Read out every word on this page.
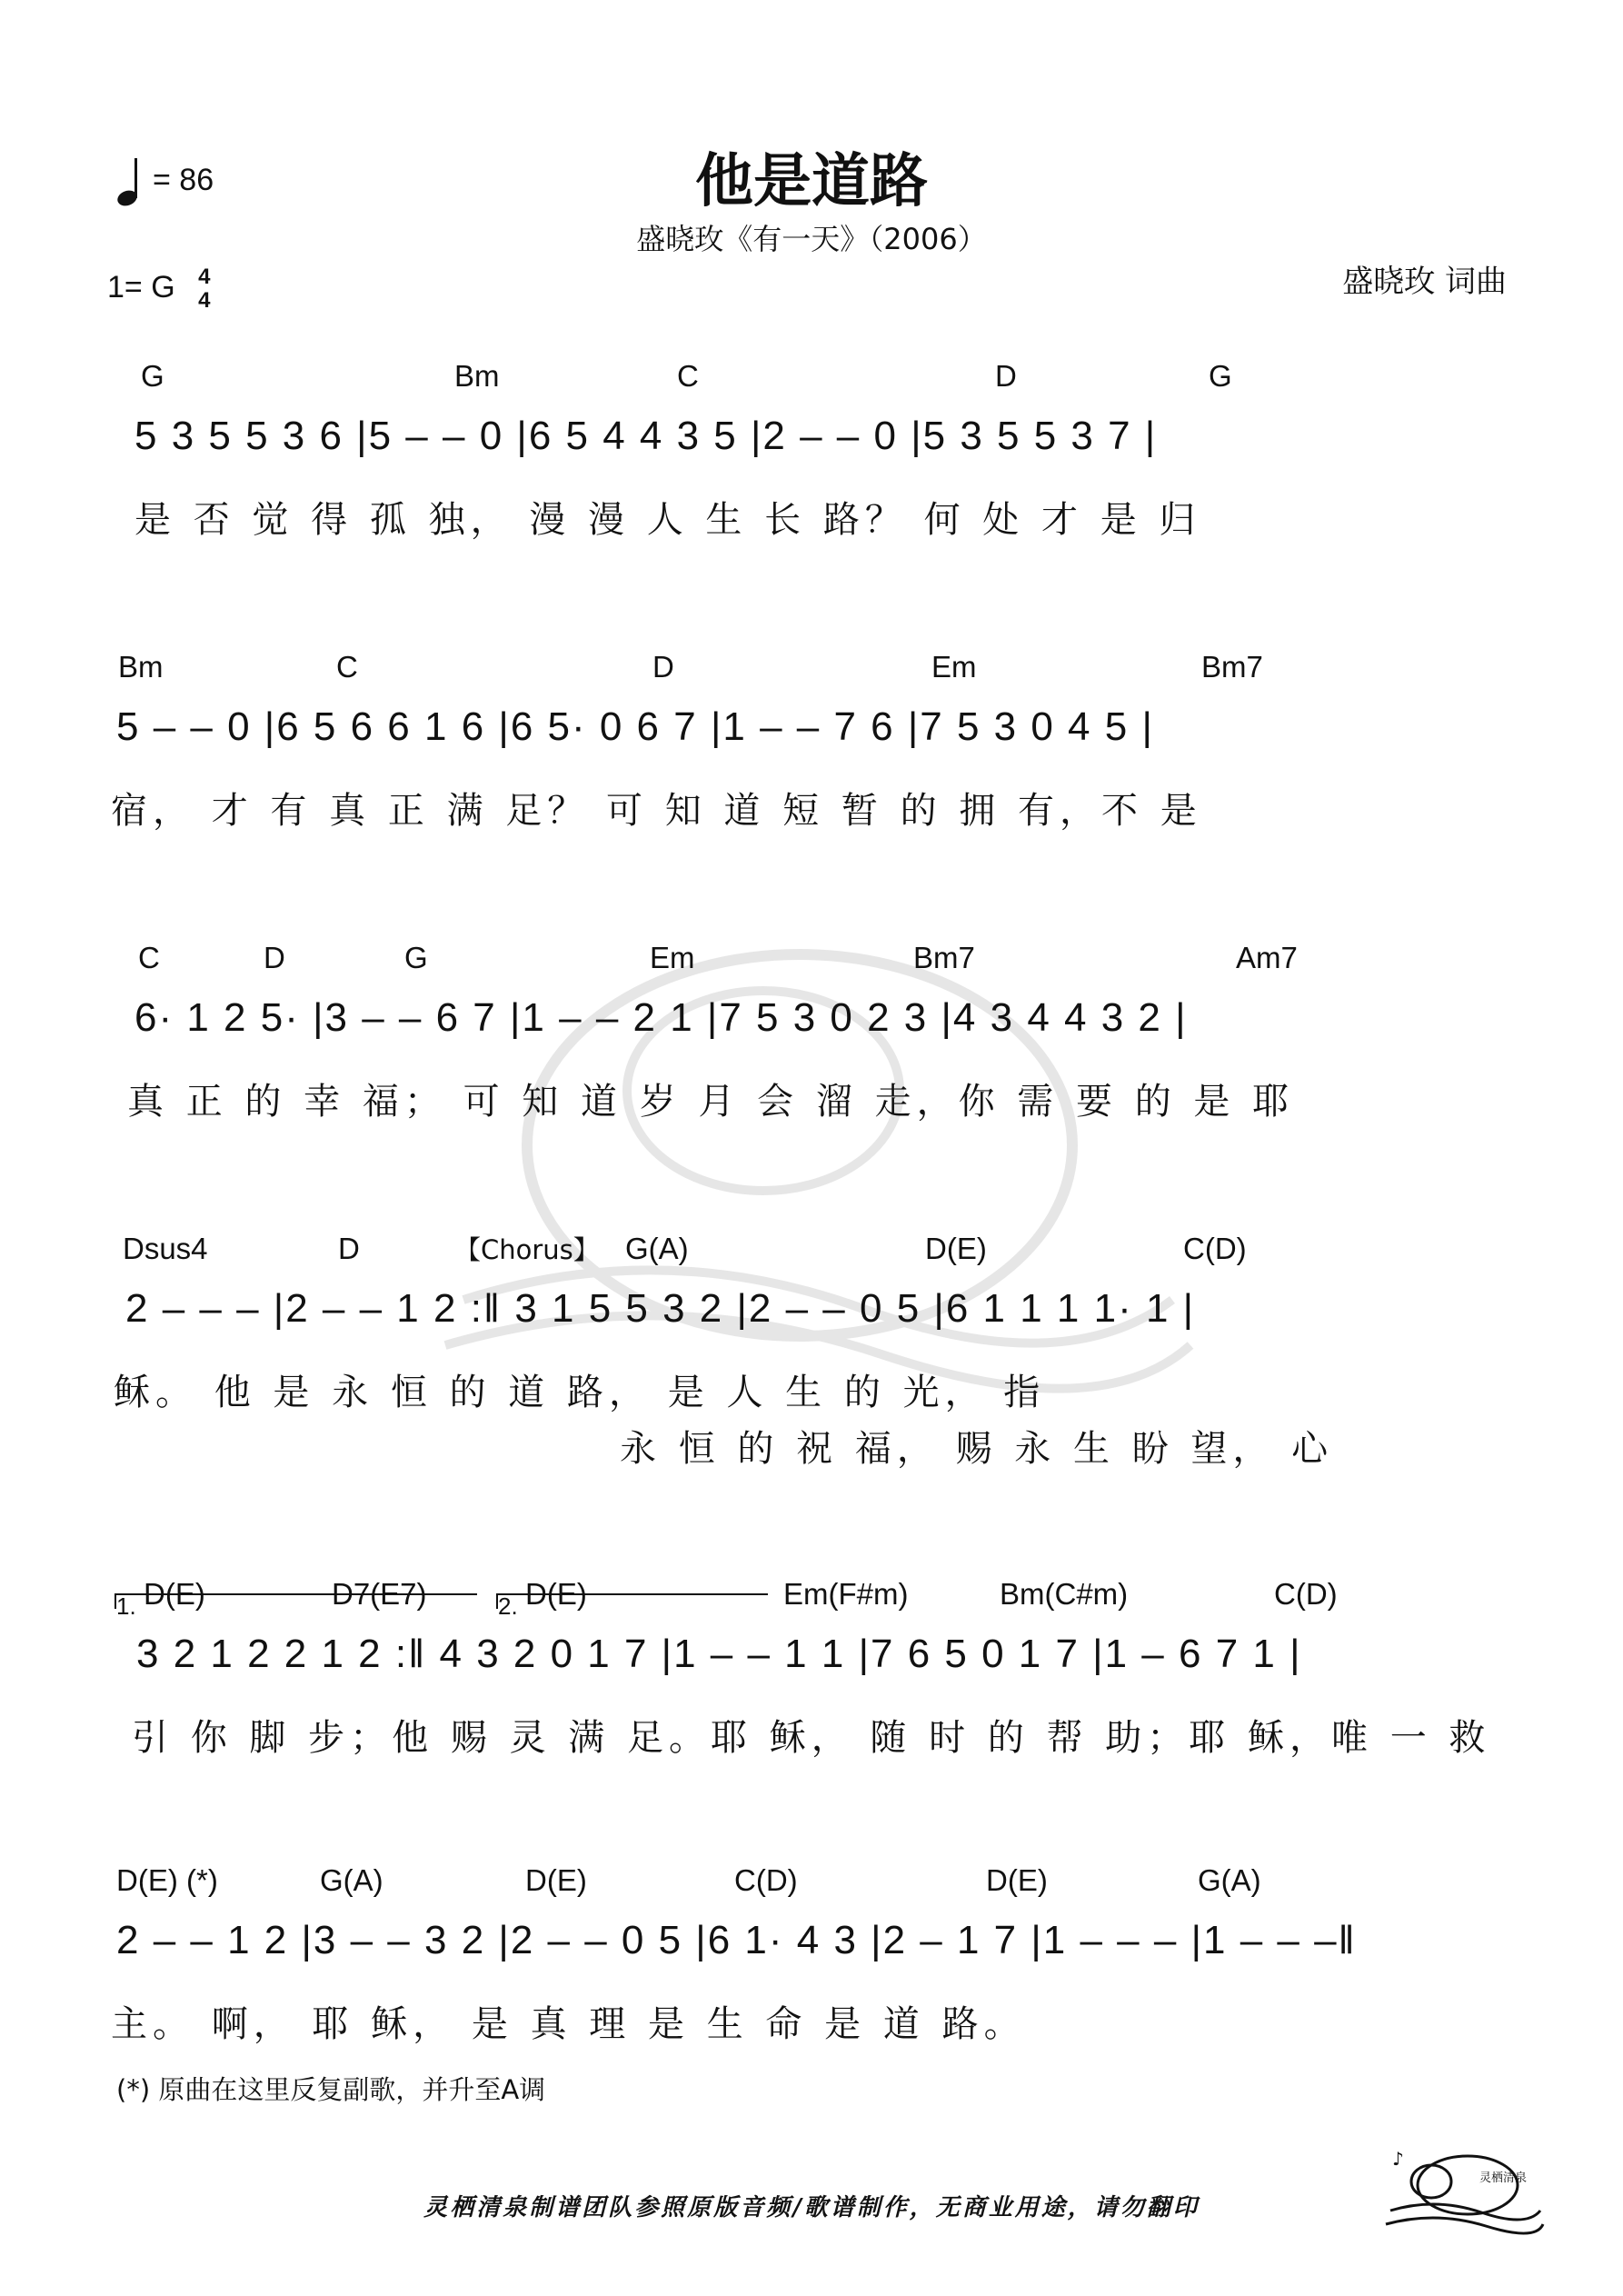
他是道路
盛晓玫《有一天》（2006）
= 86
1= G 4
4
盛晓玫 词曲
G	Bm	C	D	G
5 3 5 5 3 6 |5 – – 0 |6 5 4 4 3 5 |2 – – 0 |5 3 5 5 3 7 |
是 否 觉 得 孤 独， 漫 漫 人 生 长 路？ 何 处 才 是 归
Bm	C	D	Em	Bm7
5 – – 0 |6 5 6 6 1 6 |6 5· 0 6 7 |1 – – 7 6 |7 5 3 0 4 5 |
宿， 才 有 真 正 满 足？ 可 知 道 短 暂 的 拥 有，不 是
C	D	G	Em	Bm7	Am7
6· 1 2 5· |3 – – 6 7 |1 – – 2 1 |7 5 3 0 2 3 |4 3 4 4 3 2 |
真 正 的 幸 福； 可 知 道 岁 月 会 溜 走，你 需 要 的 是 耶
Dsus4	D	【Chorus】 G(A)	D(E)	C(D)
2 – – – |2 – – 1 2 :‖ 3 1 5 5 3 2 |2 – – 0 5 |6 1 1 1 1· 1 |
稣。 他 是 永 恒 的 道 路， 是 人 生 的 光， 指
永 恒 的 祝 福， 赐 永 生 盼 望， 心
1.	2.
D(E)	D7(E7)	D(E)	Em(F#m)	Bm(C#m)	C(D)
3 2 1 2 2 1 2 :‖ 4 3 2 0 1 7 |1 – – 1 1 |7 6 5 0 1 7 |1 – 6 7 1 |
引 你 脚 步；他 赐 灵 满 足。耶 稣， 随 时 的 帮 助；耶 稣，唯 一 救
D(E) (*)	G(A)	D(E)	C(D)	D(E)	G(A)
2 – – 1 2 |3 – – 3 2 |2 – – 0 5 |6 1· 4 3 |2 – 1 7 |1 – – – |1 – – –‖
主。 啊， 耶 稣， 是 真 理 是 生 命 是 道 路。
(*) 原曲在这里反复副歌，并升至A调
灵栖清泉制谱团队参照原版音频/歌谱制作，无商业用途，请勿翻印
♪
灵栖清泉
